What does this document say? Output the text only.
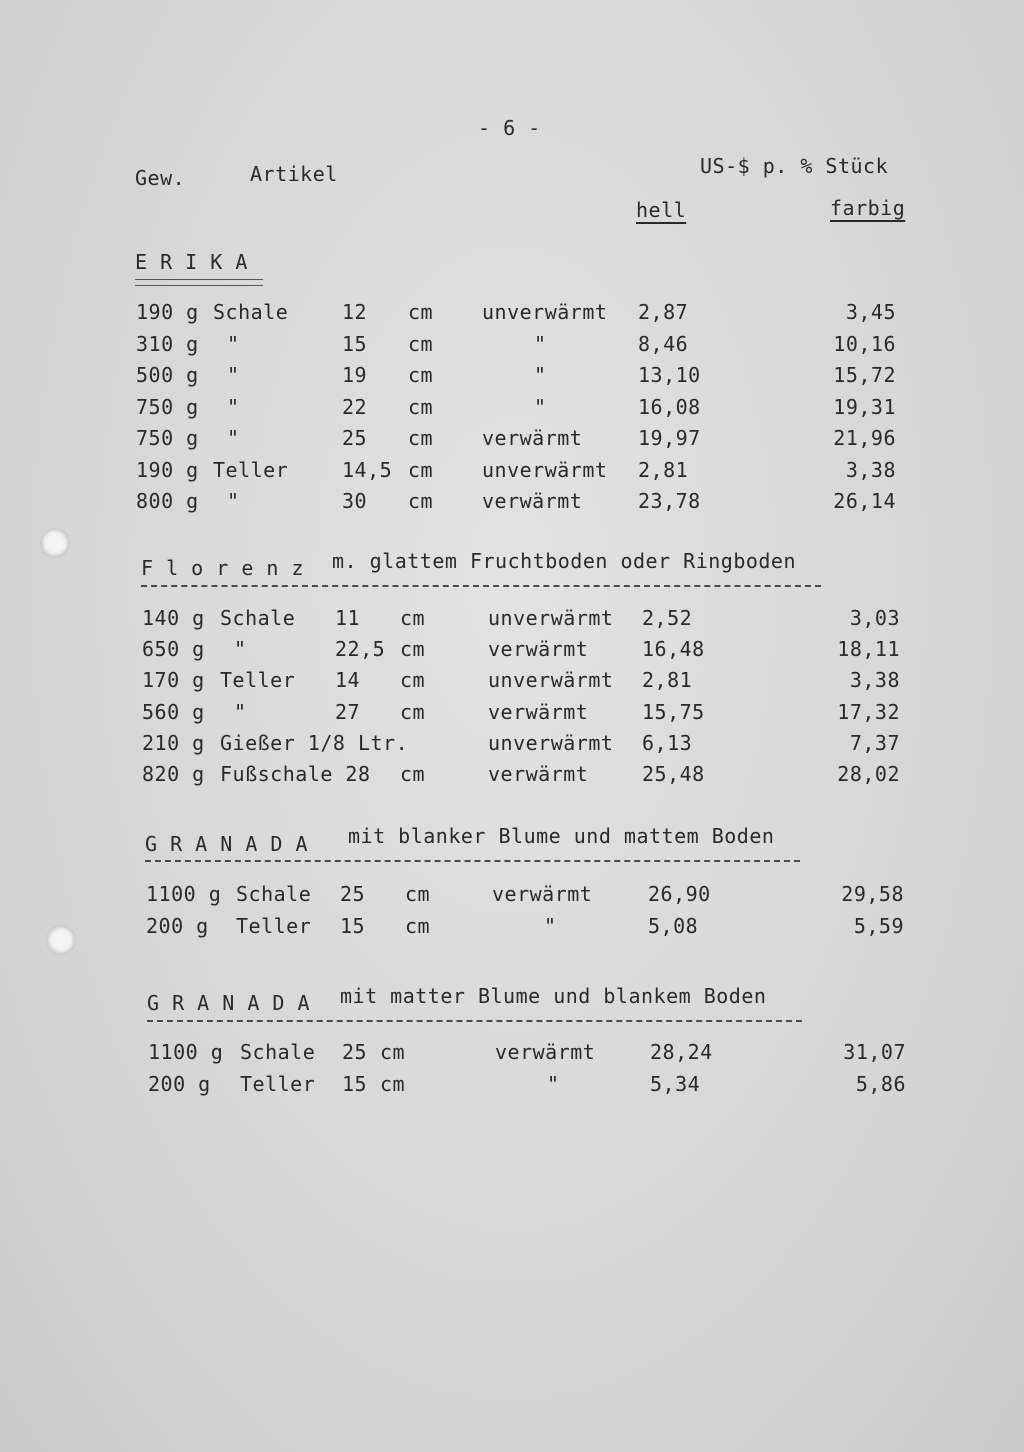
- 6 -
Gew.	Artikel	US-$ p. % Stück
hell	farbig
E R I K A
190 g Schale	12 cm unverwärmt 2,87	3,45
310 g "	15 cm	"	8,46	10,16
500 g "	19 cm	"	13,10	15,72
750 g "	22 cm	"	16,08	19,31
750 g "	25 cm verwärmt	19,97	21,96
190 g Teller	14,5 cm unverwärmt 2,81	3,38
800 g "	30 cm verwärmt	23,78	26,14
F l o r e n z m. glattem Fruchtboden oder Ringboden
140 g Schale 11 cm	unverwärmt 2,52	3,03
650 g "	22,5 cm	verwärmt	16,48	18,11
170 g Teller 14 cm	unverwärmt 2,81	3,38
560 g "	27 cm	verwärmt	15,75	17,32
210 g Gießer 1/8 Ltr.	unverwärmt 6,13	7,37
820 g Fußschale 28 cm	verwärmt	25,48	28,02
G R A N A D A mit blanker Blume und mattem Boden
1100 g Schale 25 cm	verwärmt	26,90	29,58
200 g Teller 15 cm	"	5,08	5,59
G R A N A D A mit matter Blume und blankem Boden
1100 g Schale 25 cm	verwärmt	28,24	31,07
200 g Teller 15 cm	"	5,34	5,86
